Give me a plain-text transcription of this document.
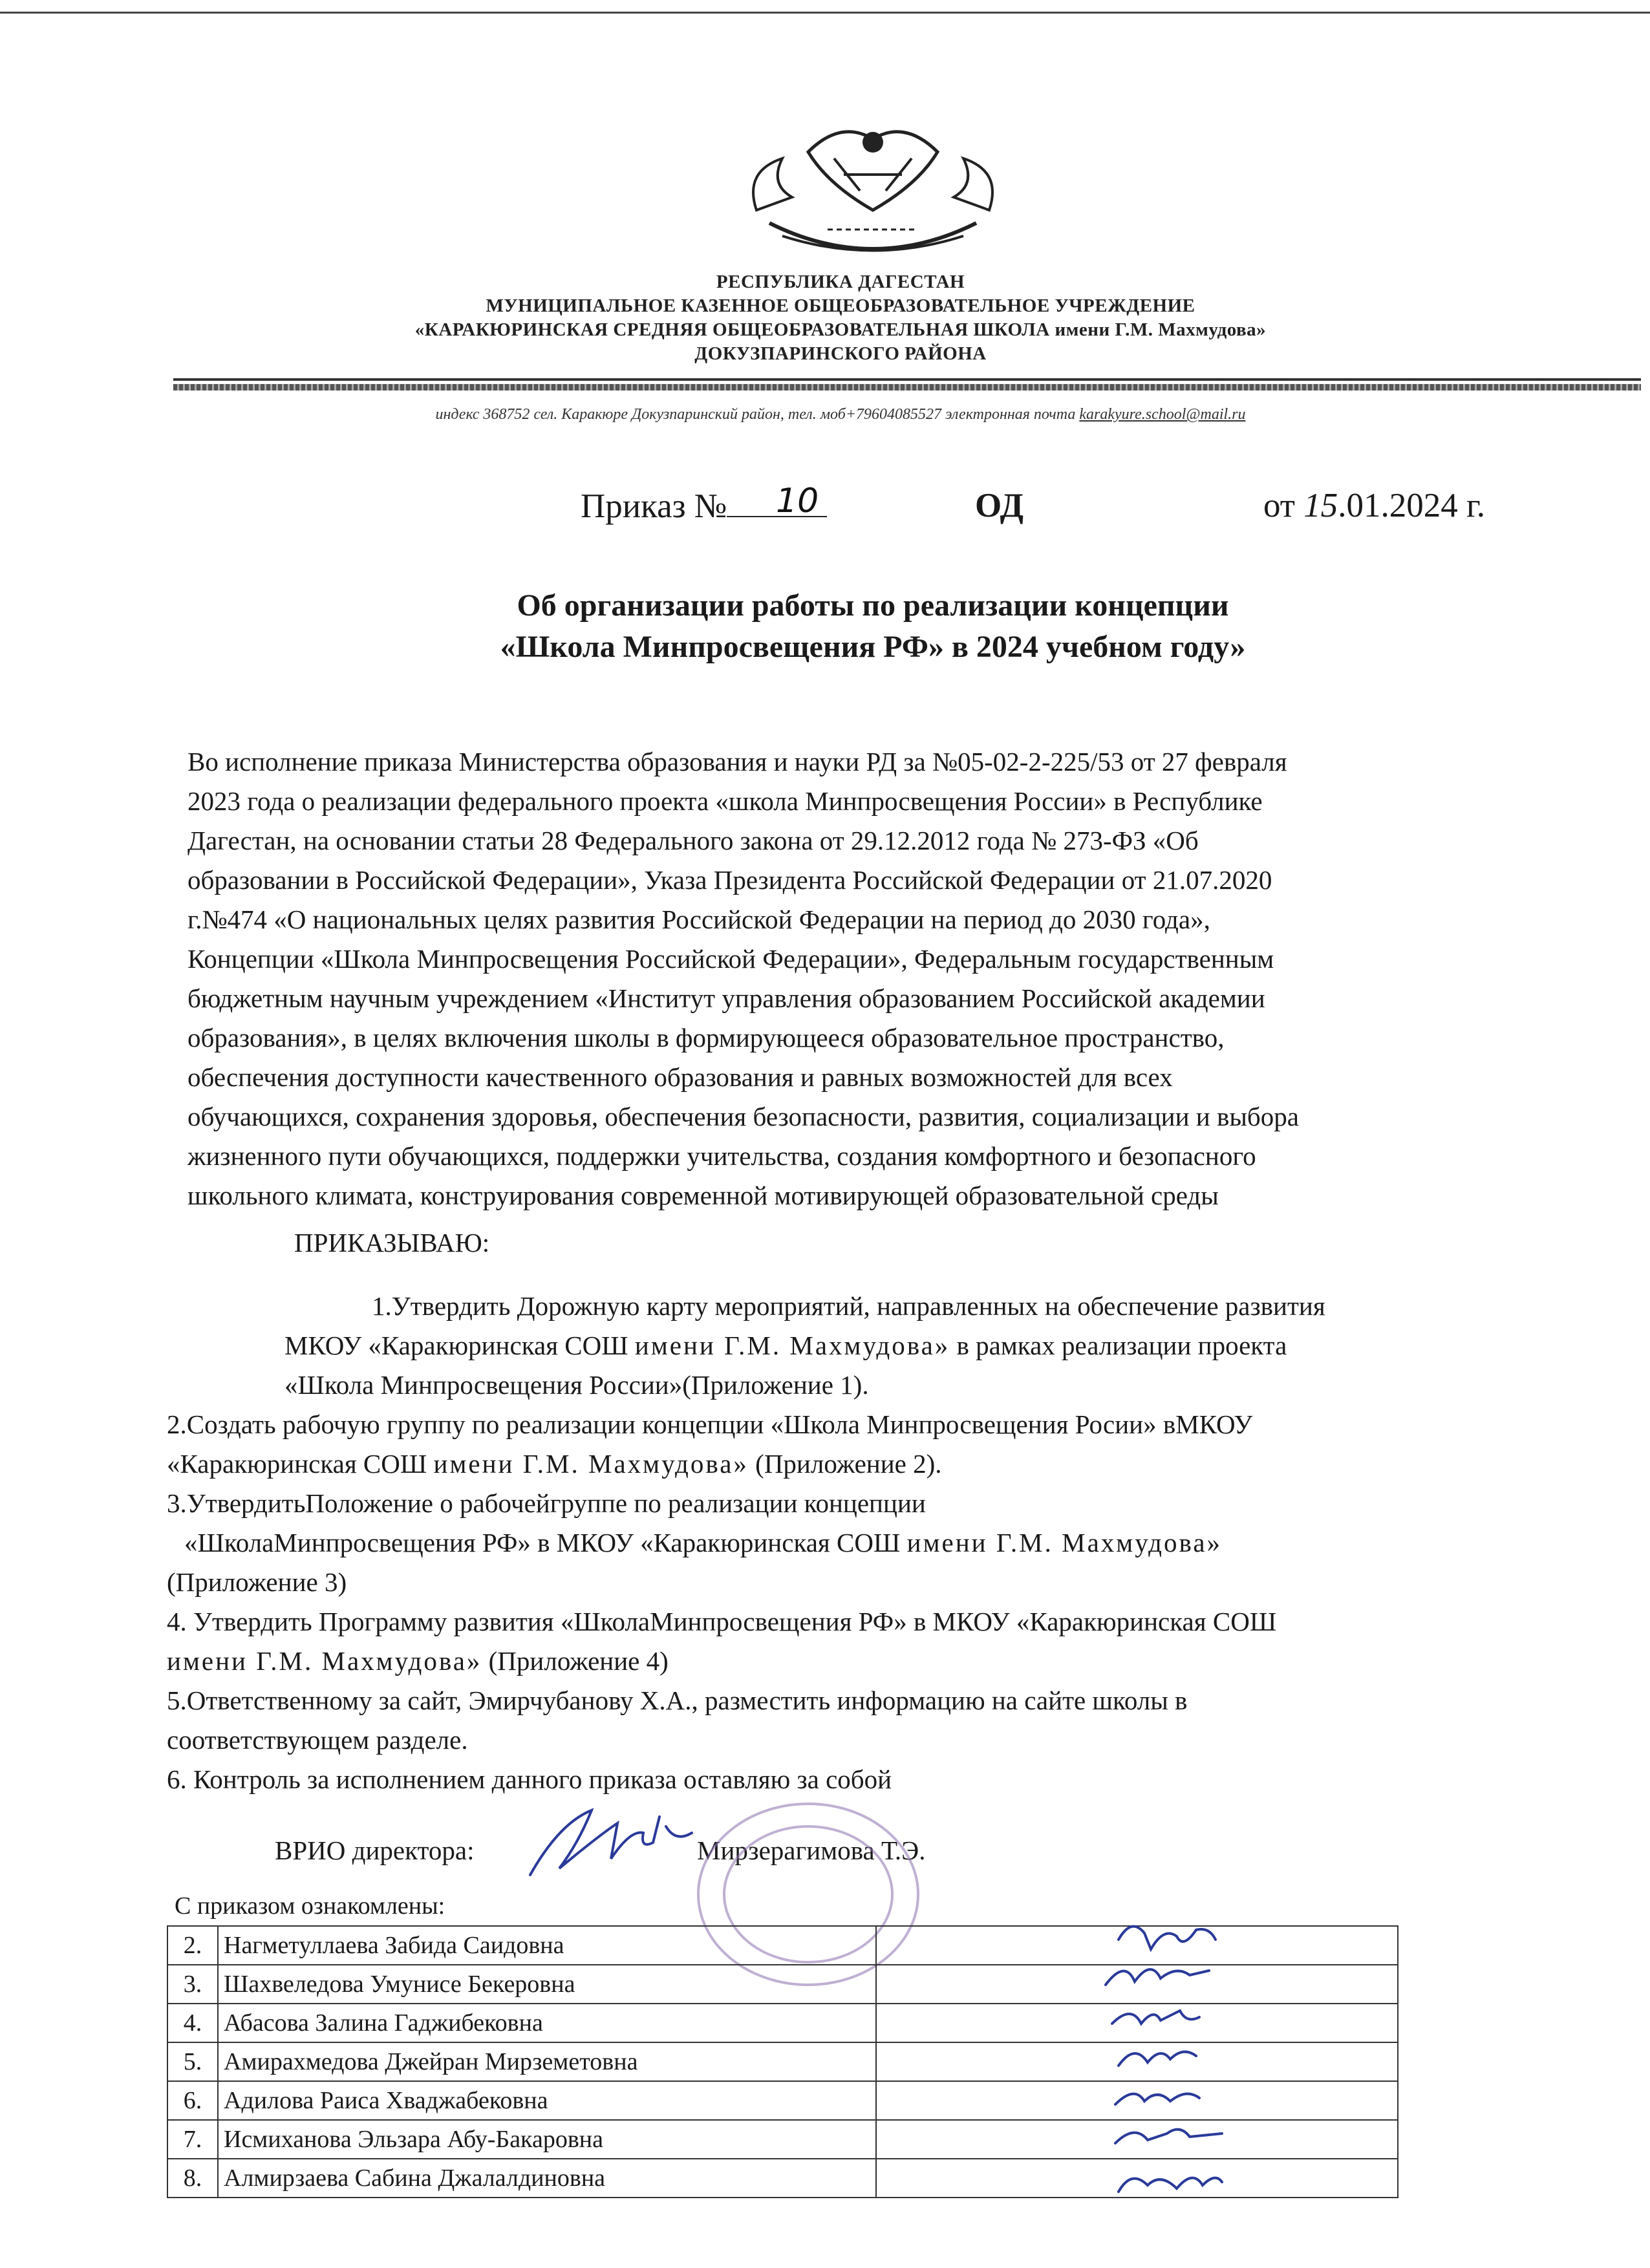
РЕСПУБЛИКА ДАГЕСТАН
МУНИЦИПАЛЬНОЕ КАЗЕННОЕ ОБЩЕОБРАЗОВАТЕЛЬНОЕ УЧРЕЖДЕНИЕ
«КАРАКЮРИНСКАЯ СРЕДНЯЯ ОБЩЕОБРАЗОВАТЕЛЬНАЯ ШКОЛА имени Г.М. Махмудова»
ДОКУЗПАРИНСКОГО РАЙОНА
индекс 368752 сел. Каракюре Докузпаринский район, тел. моб+79604085527 электронная почта karakyure.school@mail.ru
Приказ №	10	ОД	от 15.01.2024 г.
Об организации работы по реализации концепции
«Школа Минпросвещения РФ» в 2024 учебном году»
Во исполнение приказа Министерства образования и науки РД за №05-02-2-225/53 от 27 февраля
2023 года о реализации федерального проекта «школа Минпросвещения России» в Республике
Дагестан, на основании статьи 28 Федерального закона от 29.12.2012 года № 273-ФЗ «Об
образовании в Российской Федерации», Указа Президента Российской Федерации от 21.07.2020
г.№474 «О национальных целях развития Российской Федерации на период до 2030 года»,
Концепции «Школа Минпросвещения Российской Федерации», Федеральным государственным
бюджетным научным учреждением «Институт управления образованием Российской академии
образования», в целях включения школы в формирующееся образовательное пространство,
обеспечения доступности качественного образования и равных возможностей для всех
обучающихся, сохранения здоровья, обеспечения безопасности, развития, социализации и выбора
жизненного пути обучающихся, поддержки учительства, создания комфортного и безопасного
школьного климата, конструирования современной мотивирующей образовательной среды
ПРИКАЗЫВАЮ:
1.Утвердить Дорожную карту мероприятий, направленных на обеспечение развития
МКОУ «Каракюринская СОШ имени Г.М. Махмудова» в рамках реализации проекта
«Школа Минпросвещения России»(Приложение 1).
2.Создать рабочую группу по реализации концепции «Школа Минпросвещения Росии» вМКОУ
«Каракюринская СОШ имени Г.М. Махмудова» (Приложение 2).
3.УтвердитьПоложение о рабочейгруппе по реализации концепции
«ШколаМинпросвещения РФ» в МКОУ «Каракюринская СОШ имени Г.М. Махмудова»
(Приложение 3)
4. Утвердить Программу развития «ШколаМинпросвещения РФ» в МКОУ «Каракюринская СОШ
имени Г.М. Махмудова» (Приложение 4)
5.Ответственному за сайт, Эмирчубанову Х.А., разместить информацию на сайте школы в
соответствующем разделе.
6. Контроль за исполнением данного приказа оставляю за собой
ВРИО директора:	Мирзерагимова Т.Э.
С приказом ознакомлены:
2.	Нагметуллаева Забида Саидовна	
3.	Шахвеледова Умунисе Бекеровна	
4.	Абасова Залина Гаджибековна	
5.	Амирахмедова Джейран Мирземетовна	
6.	Адилова Раиса Хваджабековна	
7.	Исмиханова Эльзара Абу-Бакаровна	
8.	Алмирзаева Сабина Джалалдиновна	
